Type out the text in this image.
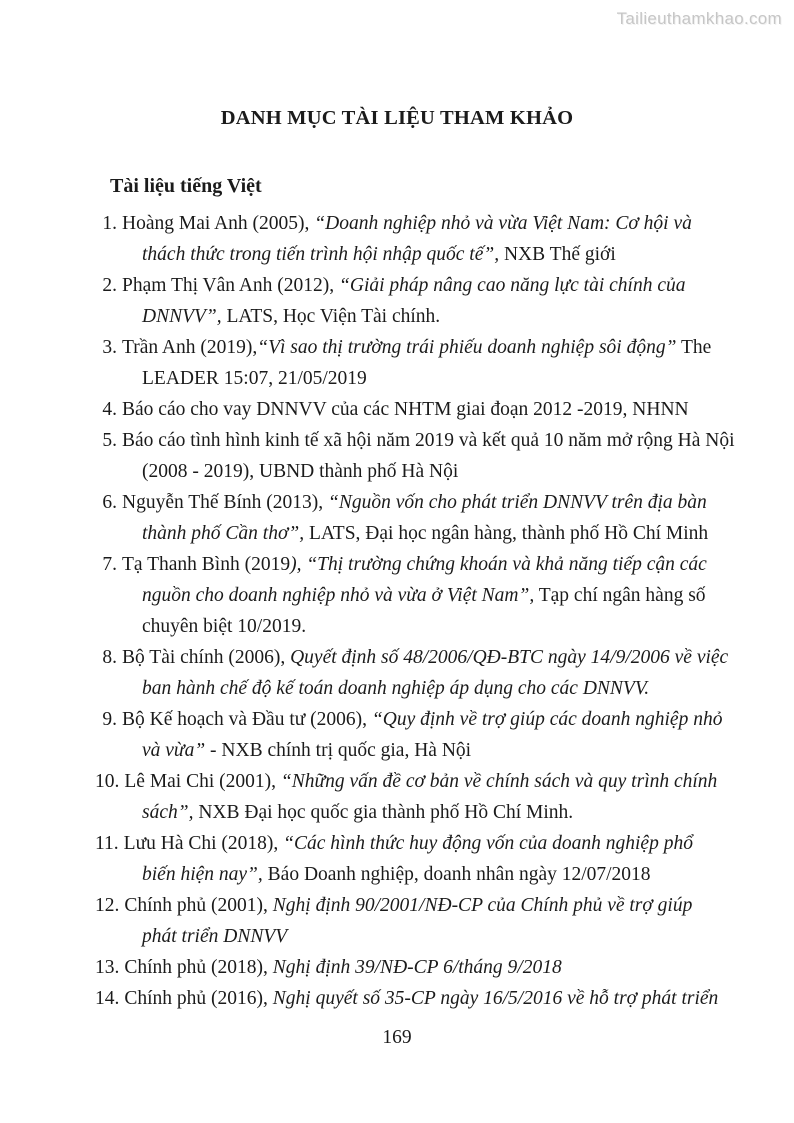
Tailieuthamkhao.com
DANH MỤC TÀI LIỆU THAM KHẢO
Tài liệu tiếng Việt
1. Hoàng Mai Anh (2005), “Doanh nghiệp nhỏ và vừa Việt Nam: Cơ hội và
thách thức trong tiến trình hội nhập quốc tế”, NXB Thế giới
2. Phạm Thị Vân Anh (2012), “Giải pháp nâng cao năng lực tài chính của
DNNVV”, LATS, Học Viện Tài chính.
3. Trần Anh (2019),“Vì sao thị trường trái phiếu doanh nghiệp sôi động” The
LEADER 15:07, 21/05/2019
4. Báo cáo cho vay DNNVV của các NHTM giai đoạn 2012 -2019, NHNN
5. Báo cáo tình hình kinh tế xã hội năm 2019 và kết quả 10 năm mở rộng Hà Nội
(2008 - 2019), UBND thành phố Hà Nội
6. Nguyễn Thế Bính (2013), “Nguồn vốn cho phát triển DNNVV trên địa bàn
thành phố Cần thơ”, LATS, Đại học ngân hàng, thành phố Hồ Chí Minh
7. Tạ Thanh Bình (2019), “Thị trường chứng khoán và khả năng tiếp cận các
nguồn cho doanh nghiệp nhỏ và vừa ở Việt Nam”, Tạp chí ngân hàng số
chuyên biệt 10/2019.
8. Bộ Tài chính (2006), Quyết định số 48/2006/QĐ-BTC ngày 14/9/2006 về việc
ban hành chế độ kế toán doanh nghiệp áp dụng cho các DNNVV.
9. Bộ Kế hoạch và Đầu tư (2006), “Quy định về trợ giúp các doanh nghiệp nhỏ
và vừa” - NXB chính trị quốc gia, Hà Nội
10. Lê Mai Chi (2001), “Những vấn đề cơ bản về chính sách và quy trình chính
sách”, NXB Đại học quốc gia thành phố Hồ Chí Minh.
11. Lưu Hà Chi (2018), “Các hình thức huy động vốn của doanh nghiệp phổ
biến hiện nay”, Báo Doanh nghiệp, doanh nhân ngày 12/07/2018
12. Chính phủ (2001), Nghị định 90/2001/NĐ-CP của Chính phủ về trợ giúp
phát triển DNNVV
13. Chính phủ (2018), Nghị định 39/NĐ-CP 6/tháng 9/2018
14. Chính phủ (2016), Nghị quyết số 35-CP ngày 16/5/2016 về hỗ trợ phát triển
169
